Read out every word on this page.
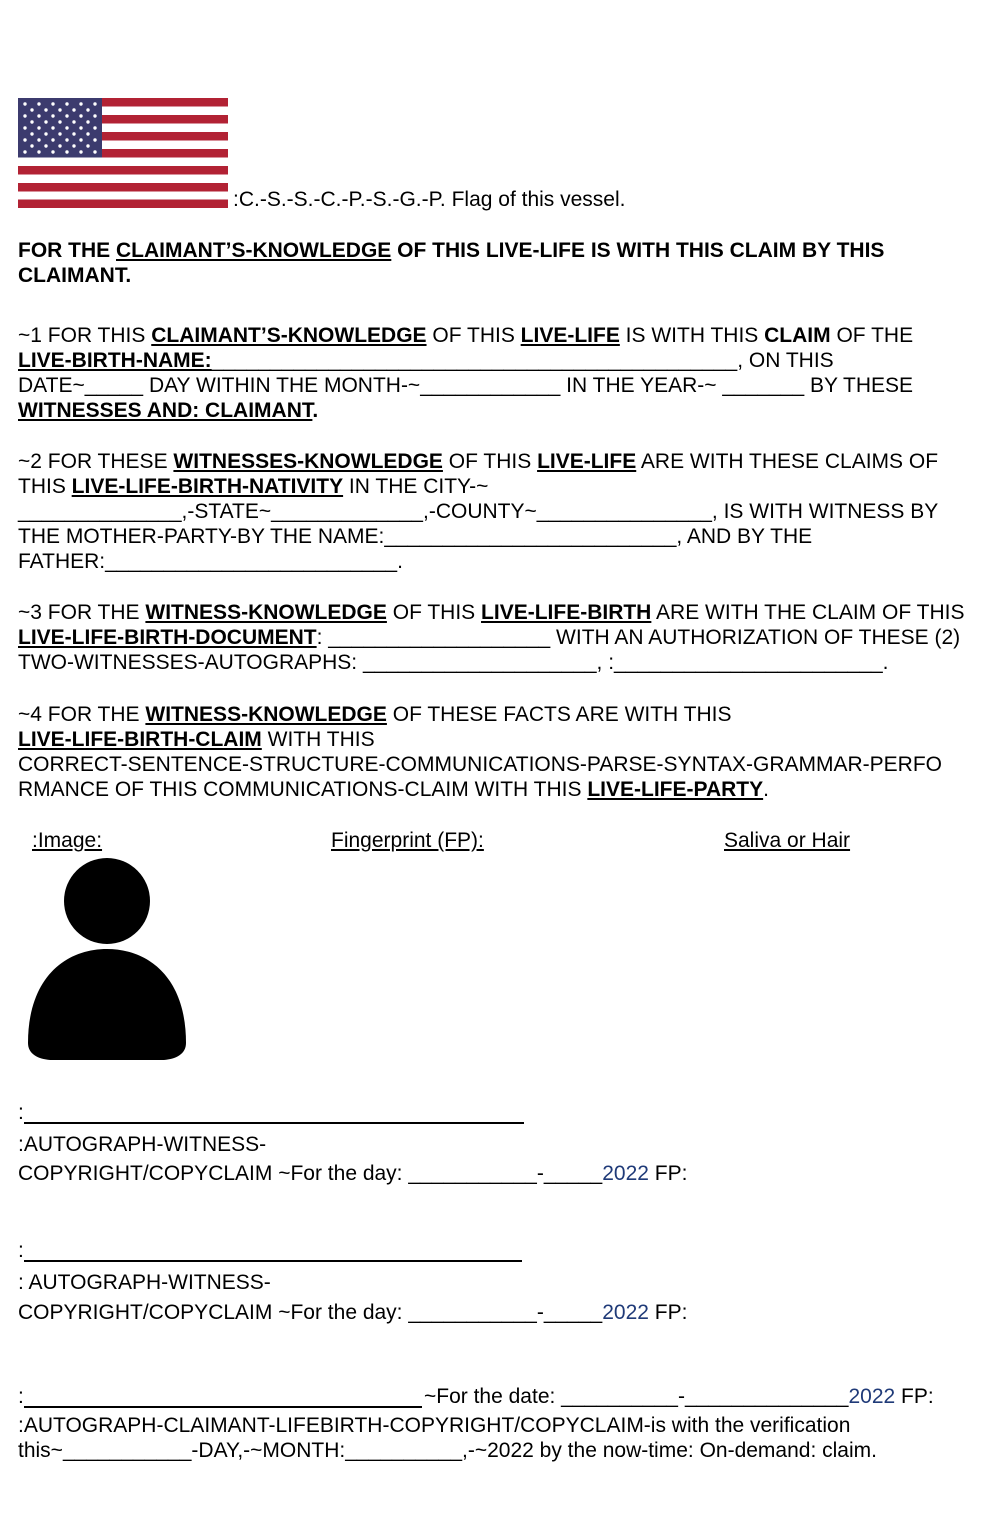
:C.-S.-S.-C.-P.-S.-G.-P. Flag of this vessel.
FOR THE CLAIMANT’S-KNOWLEDGE OF THIS LIVE-LIFE IS WITH THIS CLAIM BY THIS
CLAIMANT.
~1 FOR THIS CLAIMANT’S-KNOWLEDGE OF THIS LIVE-LIFE IS WITH THIS CLAIM OF THE
LIVE-BIRTH-NAME:_____________________________________________, ON THIS
DATE~_____ DAY WITHIN THE MONTH-~____________ IN THE YEAR-~ _______ BY THESE
WITNESSES AND: CLAIMANT.
~2 FOR THESE WITNESSES-KNOWLEDGE OF THIS LIVE-LIFE ARE WITH THESE CLAIMS OF
THIS LIVE-LIFE-BIRTH-NATIVITY IN THE CITY-~
______________,-STATE~_____________,-COUNTY~_______________, IS WITH WITNESS BY
THE MOTHER-PARTY-BY THE NAME:_________________________, AND BY THE
FATHER:_________________________.
~3 FOR THE WITNESS-KNOWLEDGE OF THIS LIVE-LIFE-BIRTH ARE WITH THE CLAIM OF THIS
LIVE-LIFE-BIRTH-DOCUMENT: ___________________ WITH AN AUTHORIZATION OF THESE (2)
TWO-WITNESSES-AUTOGRAPHS: ____________________, :_______________________.
~4 FOR THE WITNESS-KNOWLEDGE OF THESE FACTS ARE WITH THIS
LIVE-LIFE-BIRTH-CLAIM WITH THIS
CORRECT-SENTENCE-STRUCTURE-COMMUNICATIONS-PARSE-SYNTAX-GRAMMAR-PERFO
RMANCE OF THIS COMMUNICATIONS-CLAIM WITH THIS LIVE-LIFE-PARTY.
:Image:	Fingerprint (FP):	Saliva or Hair
:
:AUTOGRAPH-WITNESS-
COPYRIGHT/COPYCLAIM ~For the day: ___________-_____2022 FP:
:
: AUTOGRAPH-WITNESS-
COPYRIGHT/COPYCLAIM ~For the day: ___________-_____2022 FP:
:	~For the date: __________-______________2022 FP:
:AUTOGRAPH-CLAIMANT-LIFEBIRTH-COPYRIGHT/COPYCLAIM-is with the verification
this~___________-DAY,-~MONTH:__________,-~2022 by the now-time: On-demand: claim.
